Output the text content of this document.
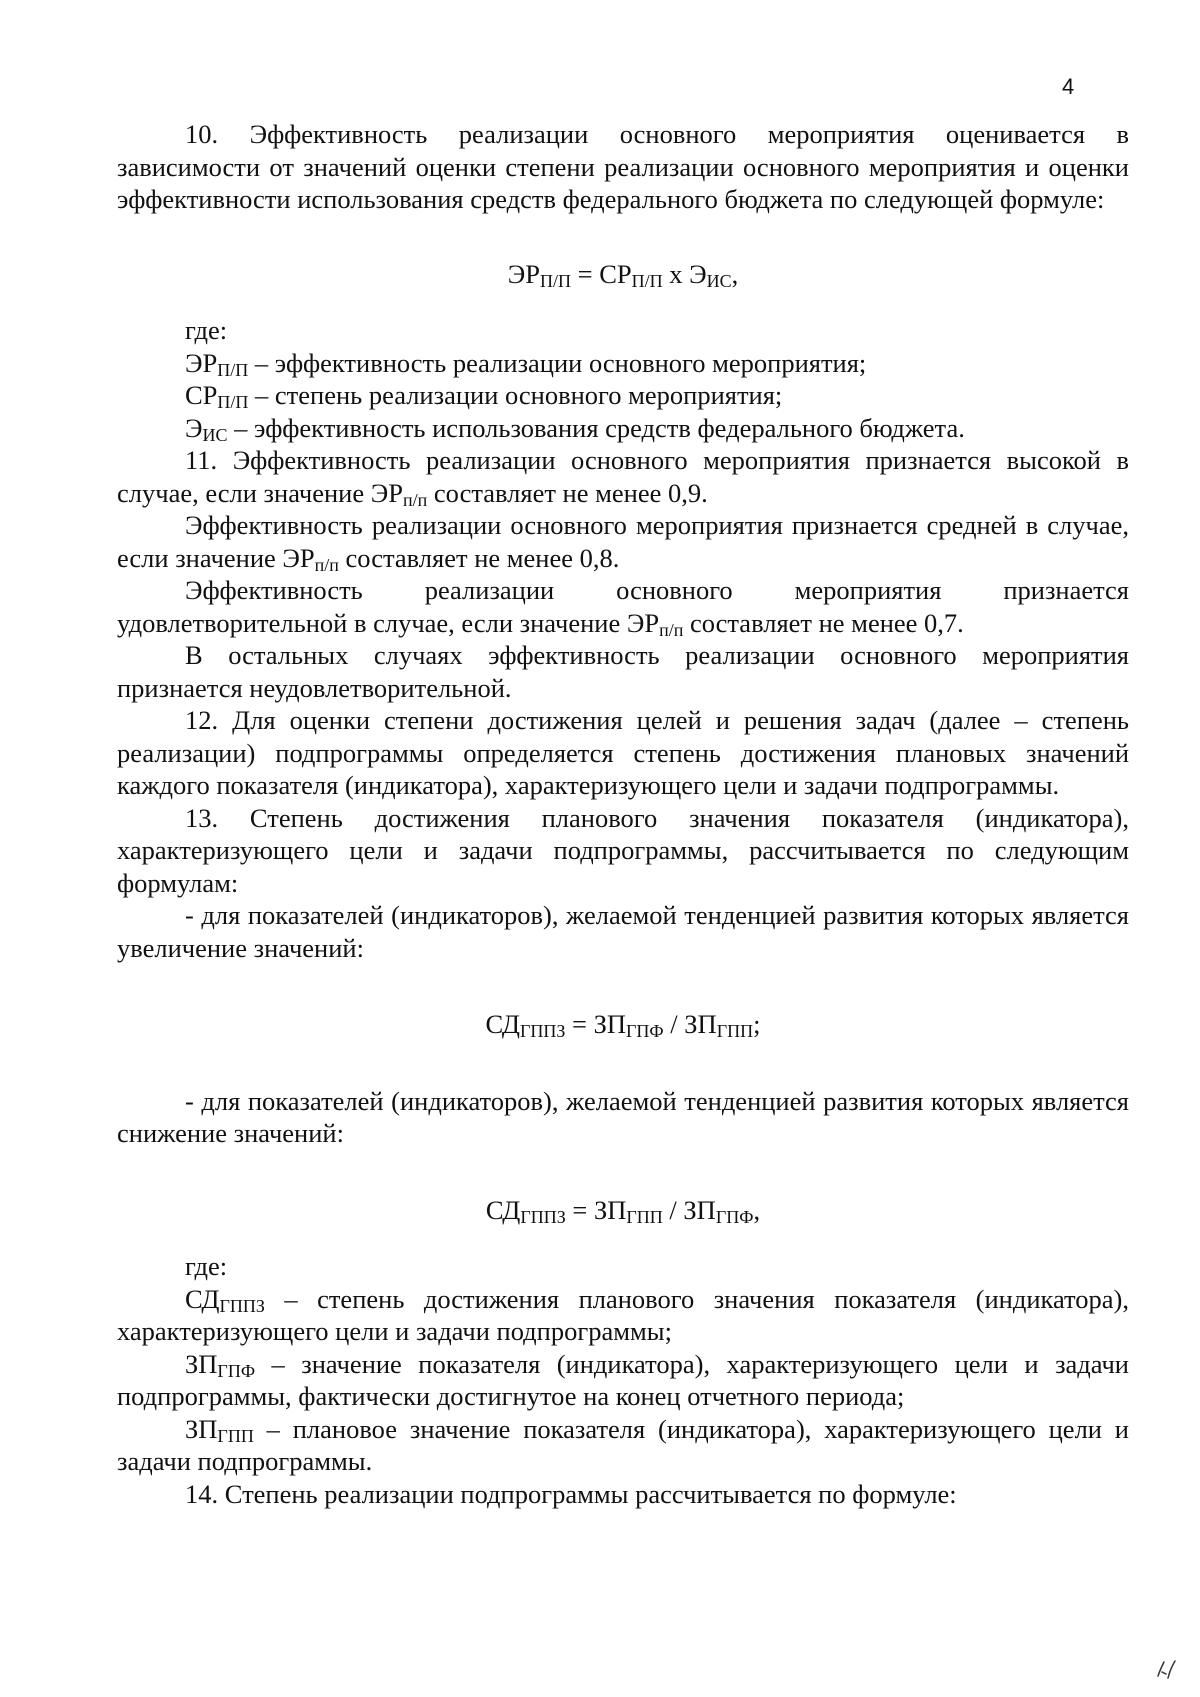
4

10. Эффективность реализации основного мероприятия оценивается в зависимости от значений оценки степени реализации основного мероприятия и оценки эффективности использования средств федерального бюджета по следующей формуле:

$ЭР_{П/П} = СР_{П/П}$ х $Э_{ИС}$,

где:

$ЭР_{П/П}$ – эффективность реализации основного мероприятия;

$СР_{П/П}$ – степень реализации основного мероприятия;

$Э_{ИС}$ – эффективность использования средств федерального бюджета.

11. Эффективность реализации основного мероприятия признается высокой в случае, если значение $ЭР_{п/п}$ составляет не менее 0,9.

Эффективность реализации основного мероприятия признается средней в случае, если значение $ЭР_{п/п}$ составляет не менее 0,8.

Эффективность реализации основного мероприятия признается удовлетворительной в случае, если значение $ЭР_{п/п}$ составляет не менее 0,7.

В остальных случаях эффективность реализации основного мероприятия признается неудовлетворительной.

12. Для оценки степени достижения целей и решения задач (далее – степень реализации) подпрограммы определяется степень достижения плановых значений каждого показателя (индикатора), характеризующего цели и задачи подпрограммы.

13. Степень достижения планового значения показателя (индикатора), характеризующего цели и задачи подпрограммы, рассчитывается по следующим формулам:

- для показателей (индикаторов), желаемой тенденцией развития которых является увеличение значений:

$СД_{ГППЗ} = ЗП_{ГПФ} / ЗП_{ГПП}$;

- для показателей (индикаторов), желаемой тенденцией развития которых является снижение значений:

$СД_{ГППЗ} = ЗП_{ГПП} / ЗП_{ГПФ}$,

где:

$СД_{ГППЗ}$ – степень достижения планового значения показателя (индикатора), характеризующего цели и задачи подпрограммы;

$ЗП_{ГПФ}$ – значение показателя (индикатора), характеризующего цели и задачи подпрограммы, фактически достигнутое на конец отчетного периода;

$ЗП_{ГПП}$ – плановое значение показателя (индикатора), характеризующего цели и задачи подпрограммы.

14. Степень реализации подпрограммы рассчитывается по формуле:
